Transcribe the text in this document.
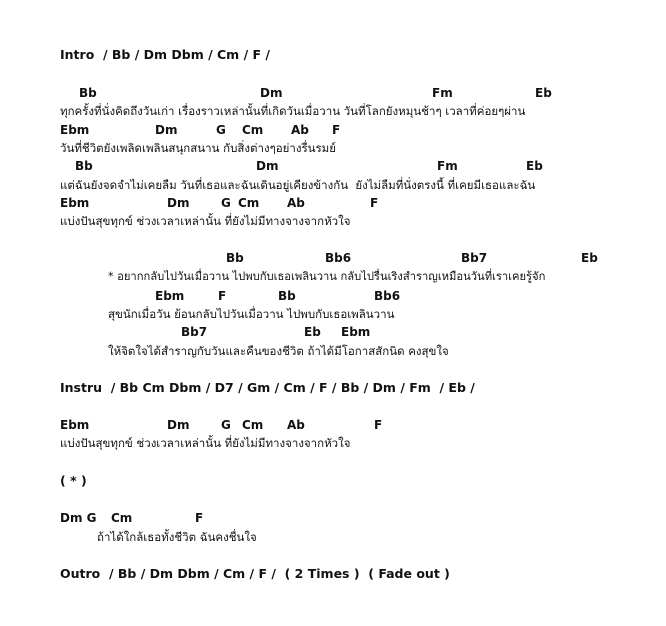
Intro  / Bb / Dm Dbm / Cm / F /
Bb	Dm	Fm	Eb
ทุกครั้งที่นั่งคิดถึงวันเก่า เรื่องราวเหล่านั้นที่เกิดวันเมื่อวาน วันที่โลกยังหมุนช้าๆ เวลาที่ค่อยๆผ่าน
Ebm	Dm	G Cm Ab F
วันที่ชีวิตยังเพลิดเพลินสนุกสนาน กับสิ่งต่างๆอย่างรื่นรมย์
Bb	Dm	Fm	Eb
แต่ฉันยังจดจำไม่เคยลืม วันที่เธอและฉันเดินอยู่เคียงข้างกัน  ยังไม่ลืมที่นั่งตรงนี้ ที่เคยมีเธอและฉัน
Ebm	Dm	G Cm Ab	F
แบ่งปันสุขทุกข์ ช่วงเวลาเหล่านั้น ที่ยังไม่มีทางจางจากหัวใจ
Bb	Bb6	Bb7	Eb
* อยากกลับไปวันเมื่อวาน ไปพบกับเธอเพลินวาน กลับไปรื่นเริงสำราญเหมือนวันที่เราเคยรู้จัก
Ebm	F	Bb	Bb6
สุขนักเมื่อวัน ย้อนกลับไปวันเมื่อวาน ไปพบกับเธอเพลินวาน
Bb7	Eb Ebm
ให้จิตใจได้สำราญกับวันและคืนของชีวิต ถ้าได้มีโอกาสสักนิด คงสุขใจ
Instru  / Bb Cm Dbm / D7 / Gm / Cm / F / Bb / Dm / Fm  / Eb /
Ebm	Dm	G Cm Ab	F
แบ่งปันสุขทุกข์ ช่วงเวลาเหล่านั้น ที่ยังไม่มีทางจางจากหัวใจ
( * )
Dm G Cm	F
ถ้าได้ใกล้เธอทั้งชีวิต ฉันคงชื่นใจ
Outro  / Bb / Dm Dbm / Cm / F /  ( 2 Times )  ( Fade out )
